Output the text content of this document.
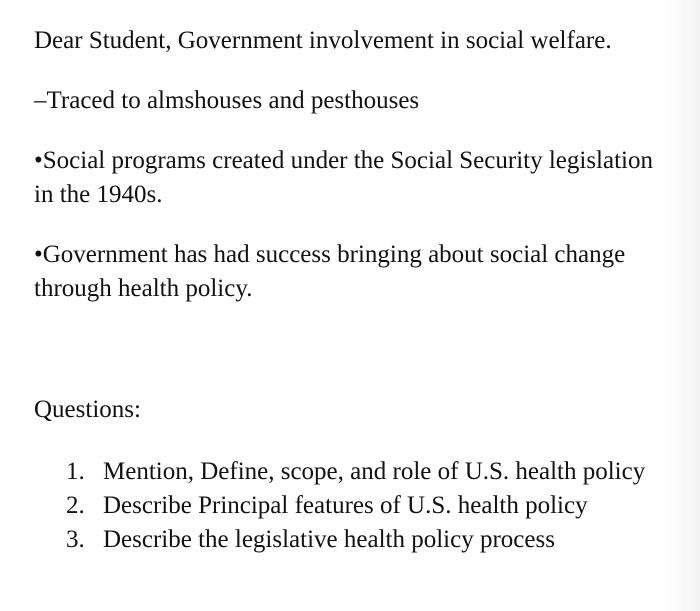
Dear Student, Government involvement in social welfare.

–Traced to almshouses and pesthouses

•Social programs created under the Social Security legislation in the 1940s.

•Government has had success bringing about social change through health policy.

Questions:

1. Mention, Define, scope, and role of U.S. health policy
2. Describe Principal features of U.S. health policy
3. Describe the legislative health policy process
